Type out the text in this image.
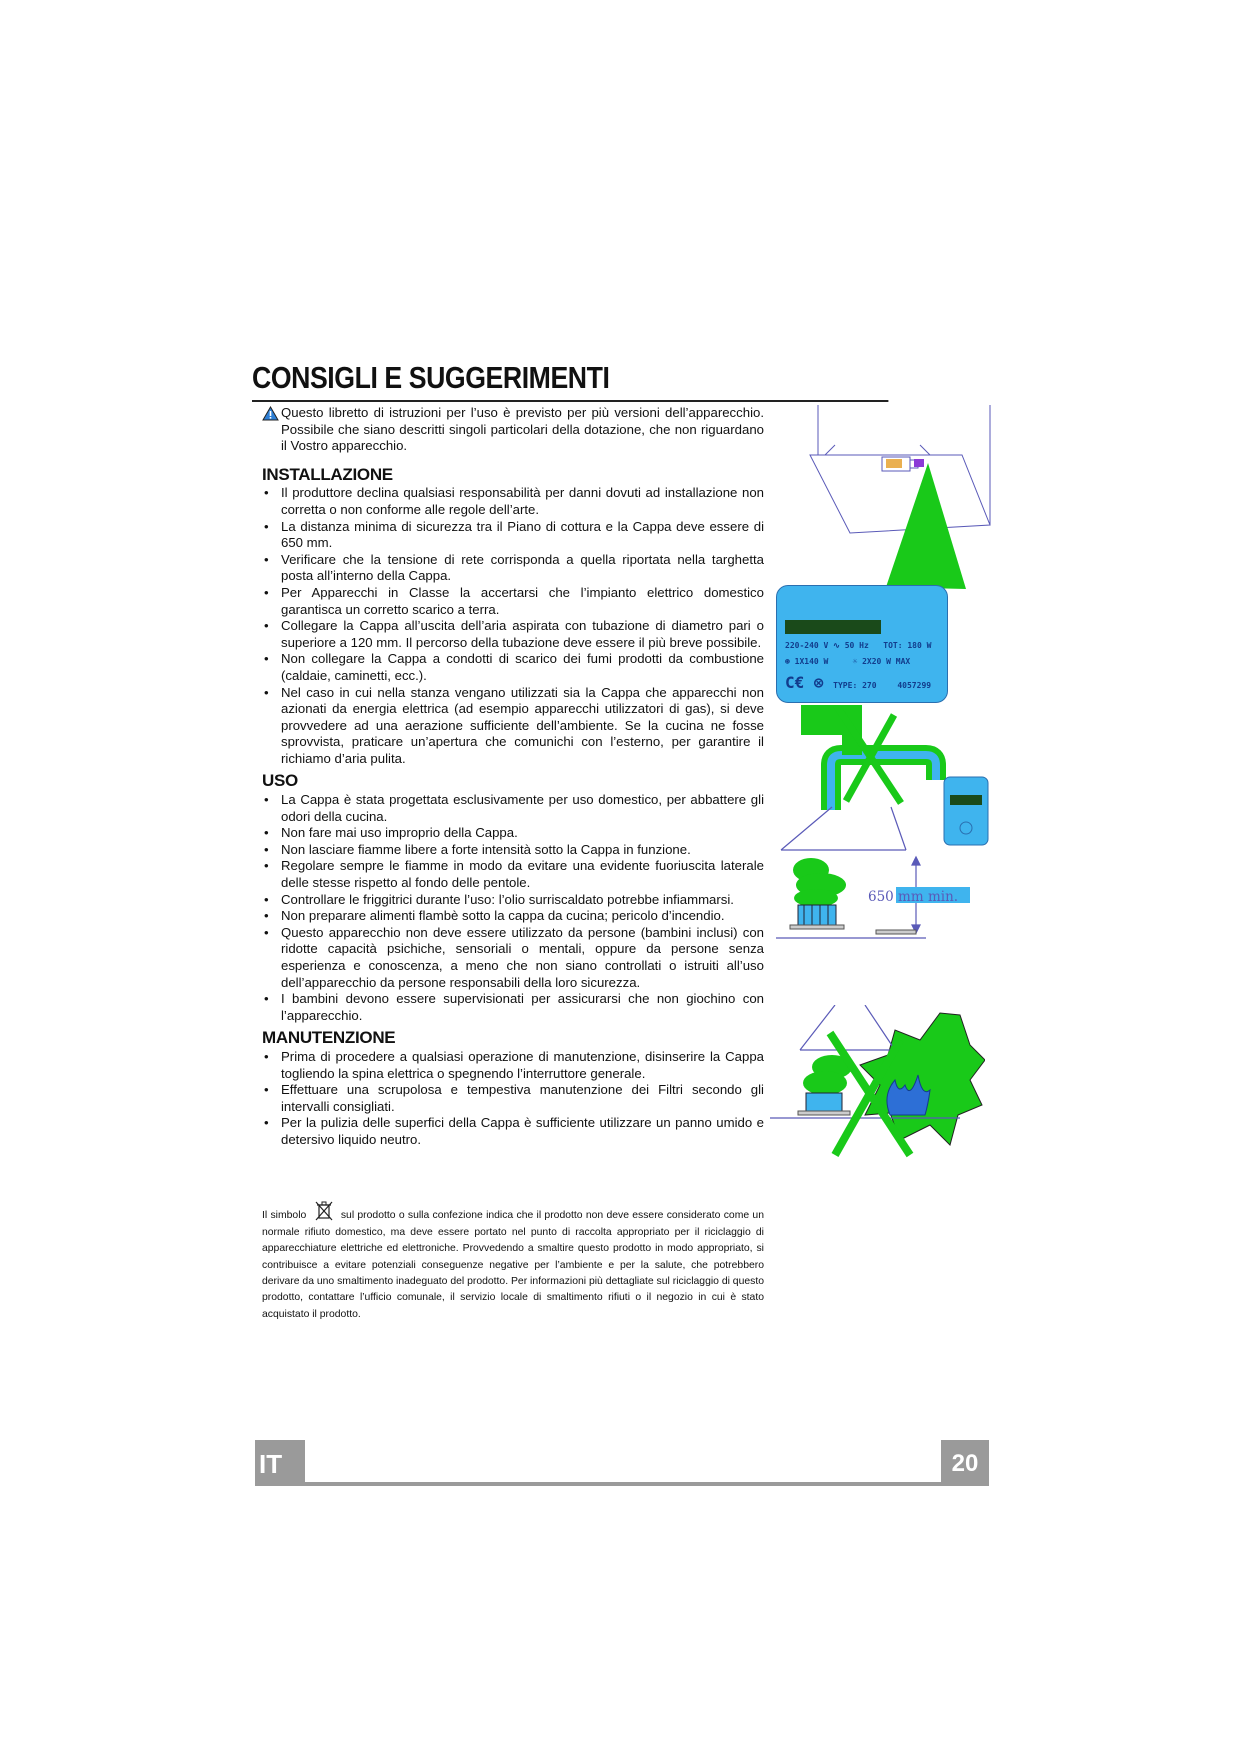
CONSIGLI E SUGGERIMENTI

Questo libretto di istruzioni per l’uso è previsto per più versioni dell’apparecchio. Possibile che siano descritti singoli particolari della dotazione, che non riguardano il Vostro apparecchio.

INSTALLAZIONE
• Il produttore declina qualsiasi responsabilità per danni dovuti ad installazione non corretta o non conforme alle regole dell’arte.
• La distanza minima di sicurezza tra il Piano di cottura e la Cappa deve essere di 650 mm.
• Verificare che la tensione di rete corrisponda a quella riportata nella targhetta posta all’interno della Cappa.
• Per Apparecchi in Classe la accertarsi che l’impianto elettrico domestico garantisca un corretto scarico a terra.
• Collegare la Cappa all’uscita dell’aria aspirata con tubazione di diametro pari o superiore a 120 mm. Il percorso della tubazione deve essere il più breve possibile.
• Non collegare la Cappa a condotti di scarico dei fumi prodotti da combustione (caldaie, caminetti, ecc.).
• Nel caso in cui nella stanza vengano utilizzati sia la Cappa che apparecchi non azionati da energia elettrica (ad esempio apparecchi utilizzatori di gas), si deve provvedere ad una aerazione sufficiente dell’ambiente. Se la cucina ne fosse sprovvista, praticare un’apertura che comunichi con l’esterno, per garantire il richiamo d’aria pulita.
USO
• La Cappa è stata progettata esclusivamente per uso domestico, per abbattere gli odori della cucina.
• Non fare mai uso improprio della Cappa.
• Non lasciare fiamme libere a forte intensità sotto la Cappa in funzione.
• Regolare sempre le fiamme in modo da evitare una evidente fuoriuscita laterale delle stesse rispetto al fondo delle pentole.
• Controllare le friggitrici durante l’uso: l’olio surriscaldato potrebbe infiammarsi.
• Non preparare alimenti flambè sotto la cappa da cucina; pericolo d’incendio.
• Questo apparecchio non deve essere utilizzato da persone (bambini inclusi) con ridotte capacità psichiche, sensoriali o mentali, oppure da persone senza esperienza e conoscenza, a meno che non siano controllati o istruiti all’uso dell’apparecchio da persone responsabili della loro sicurezza.
• I bambini devono essere supervisionati per assicurarsi che non giochino con l’apparecchio.
MANUTENZIONE
• Prima di procedere a qualsiasi operazione di manutenzione, disinserire la Cappa togliendo la spina elettrica o spegnendo l’interruttore generale.
• Effettuare una scrupolosa e tempestiva manutenzione dei Filtri secondo gli intervalli consigliati.
• Per la pulizia delle superfici della Cappa è sufficiente utilizzare un panno umido e detersivo liquido neutro.

Il simbolo	sul prodotto o sulla confezione indica che il prodotto non deve essere considerato come un normale rifiuto domestico, ma deve essere portato nel punto di raccolta appropriato per il riciclaggio di apparecchiature elettriche ed elettroniche. Provvedendo a smaltire questo prodotto in modo appropriato, si contribuisce a evitare potenziali conseguenze negative per l’ambiente e per la salute, che potrebbero derivare da uno smaltimento inadeguato del prodotto. Per informazioni più dettagliate sul riciclaggio di questo prodotto, contattare l’ufficio comunale, il servizio locale di smaltimento rifiuti o il negozio in cui è stato acquistato il prodotto.

220-240 V ∿ 50 Hz TOT: 180 W
⊛ 1X140 W     ☼ 2X20 W MAX
C€ ⊗ TYPE: 270	4057299
650 mm min.
IT	20
